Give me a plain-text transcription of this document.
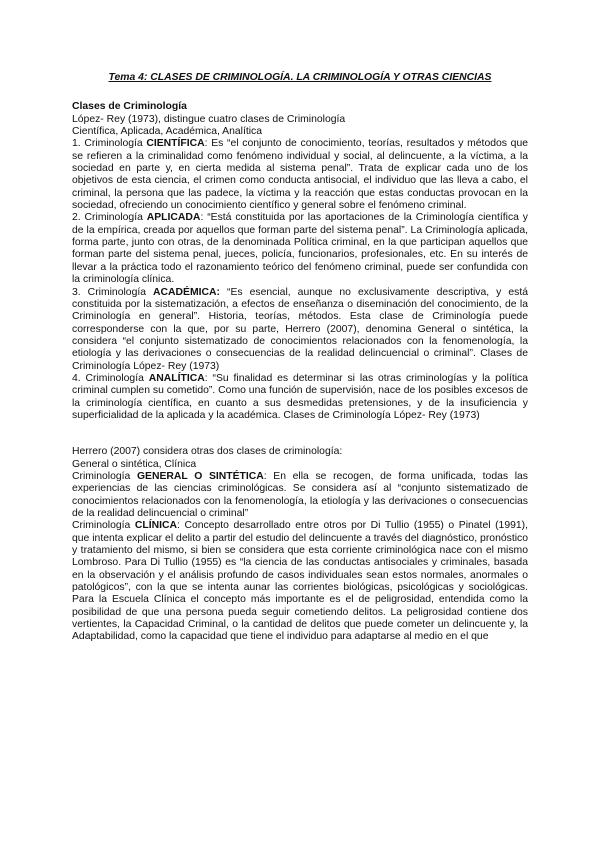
Tema 4: CLASES DE CRIMINOLOGÍA. LA CRIMINOLOGÍA Y OTRAS CIENCIAS
Clases de Criminología
López- Rey (1973), distingue cuatro clases de Criminología
Científica, Aplicada, Académica, Analítica
1. Criminología CIENTÍFICA: Es “el conjunto de conocimiento, teorías, resultados y métodos que se refieren a la criminalidad como fenómeno individual y social, al delincuente, a la víctima, a la sociedad en parte y, en cierta medida al sistema penal”. Trata de explicar cada uno de los objetivos de esta ciencia, el crimen como conducta antisocial, el individuo que las lleva a cabo, el criminal, la persona que las padece, la víctima y la reacción que estas conductas provocan en la sociedad, ofreciendo un conocimiento científico y general sobre el fenómeno criminal.
2. Criminología APLICADA: “Está constituida por las aportaciones de la Criminología científica y de la empírica, creada por aquellos que forman parte del sistema penal”. La Criminología aplicada, forma parte, junto con otras, de la denominada Política criminal, en la que participan aquellos que forman parte del sistema penal, jueces, policía, funcionarios, profesionales, etc. En su interés de llevar a la práctica todo el razonamiento teórico del fenómeno criminal, puede ser confundida con la criminología clínica.
3. Criminología ACADÉMICA: “Es esencial, aunque no exclusivamente descriptiva, y está constituida por la sistematización, a efectos de enseñanza o diseminación del conocimiento, de la Criminología en general”. Historia, teorías, métodos. Esta clase de Criminología puede corresponderse con la que, por su parte, Herrero (2007), denomina General o sintética, la considera “el conjunto sistematizado de conocimientos relacionados con la fenomenología, la etiología y las derivaciones o consecuencias de la realidad delincuencial o criminal”. Clases de Criminología López- Rey (1973)
4. Criminología ANALÍTICA: “Su finalidad es determinar si las otras criminologías y la política criminal cumplen su cometido”. Como una función de supervisión, nace de los posibles excesos de la criminología científica, en cuanto a sus desmedidas pretensiones, y de la insuficiencia y superficialidad de la aplicada y la académica. Clases de Criminología López- Rey (1973)
Herrero (2007) considera otras dos clases de criminología:
General o sintética, Clínica
Criminología GENERAL O SINTÉTICA: En ella se recogen, de forma unificada, todas las experiencias de las ciencias criminológicas. Se considera así al “conjunto sistematizado de conocimientos relacionados con la fenomenología, la etiología y las derivaciones o consecuencias de la realidad delincuencial o criminal”
Criminología CLÍNICA: Concepto desarrollado entre otros por Di Tullio (1955) o Pinatel (1991), que intenta explicar el delito a partir del estudio del delincuente a través del diagnóstico, pronóstico y tratamiento del mismo, si bien se considera que esta corriente criminológica nace con el mismo Lombroso. Para Di Tullio (1955) es “la ciencia de las conductas antisociales y criminales, basada en la observación y el análisis profundo de casos individuales sean estos normales, anormales o patológicos”, con la que se intenta aunar las corrientes biológicas, psicológicas y sociológicas. Para la Escuela Clínica el concepto más importante es el de peligrosidad, entendida como la posibilidad de que una persona pueda seguir cometiendo delitos. La peligrosidad contiene dos vertientes, la Capacidad Criminal, o la cantidad de delitos que puede cometer un delincuente y, la Adaptabilidad, como la capacidad que tiene el individuo para adaptarse al medio en el que
